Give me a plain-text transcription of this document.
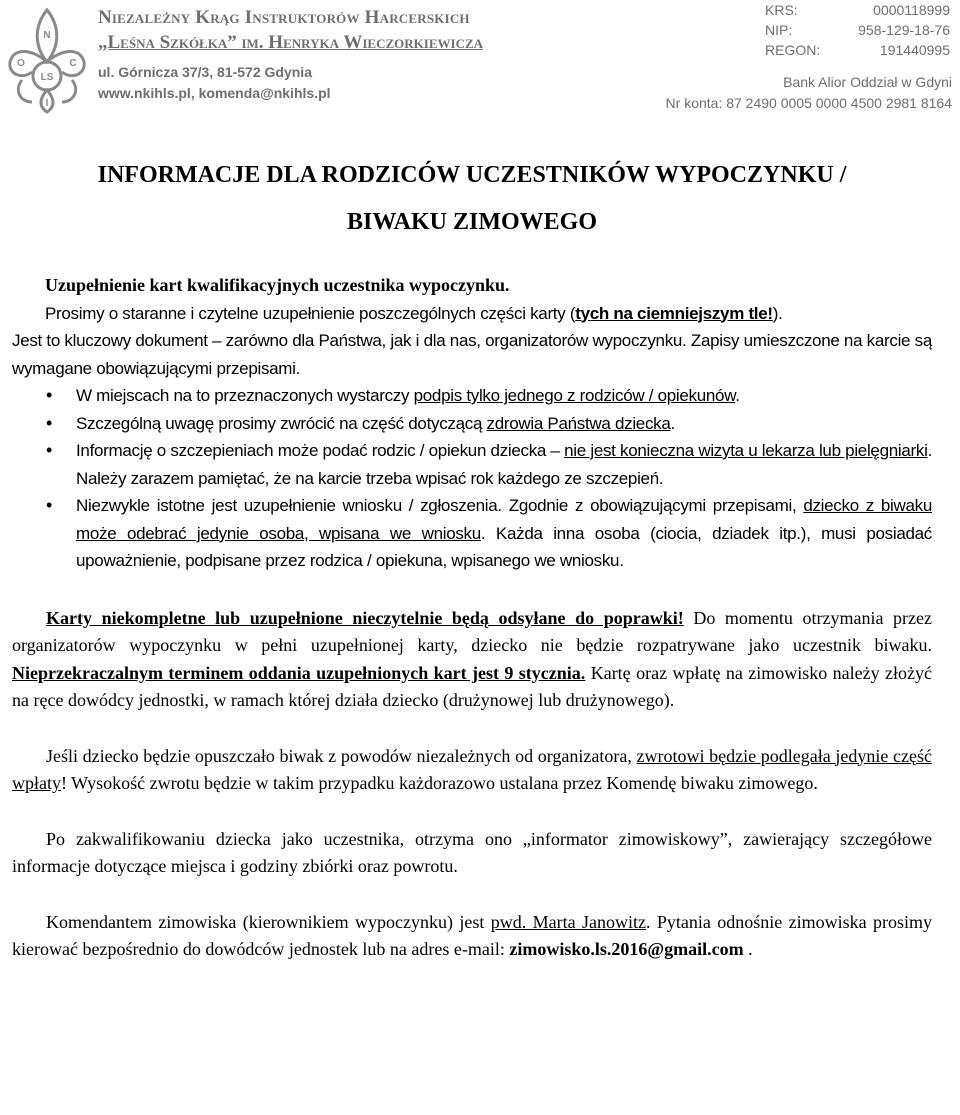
N
O	C
LS
I
Niezależny Krąg Instruktorów Harcerskich
„Leśna Szkółka” im. Henryka Wieczorkiewicza
ul. Górnicza 37/3, 81-572 Gdynia
www.nkihls.pl, komenda@nkihls.pl
KRS:	0000118999
NIP:	958-129-18-76
REGON:	191440995
Bank Alior Oddział w Gdyni
Nr konta: 87 2490 0005 0000 4500 2981 8164
INFORMACJE DLA RODZICÓW UCZESTNIKÓW WYPOCZYNKU /
BIWAKU ZIMOWEGO
Uzupełnienie kart kwalifikacyjnych uczestnika wypoczynku.

Prosimy o staranne i czytelne uzupełnienie poszczególnych części karty (tych na ciemniejszym tle!).

Jest to kluczowy dokument – zarówno dla Państwa, jak i dla nas, organizatorów wypoczynku. Zapisy umieszczone na karcie są wymagane obowiązującymi przepisami.

• W miejscach na to przeznaczonych wystarczy podpis tylko jednego z rodziców / opiekunów.
• Szczególną uwagę prosimy zwrócić na część dotyczącą zdrowia Państwa dziecka.
• Informację o szczepieniach może podać rodzic / opiekun dziecka – nie jest konieczna wizyta u lekarza lub pielęgniarki. Należy zarazem pamiętać, że na karcie trzeba wpisać rok każdego ze szczepień.
• Niezwykle istotne jest uzupełnienie wniosku / zgłoszenia. Zgodnie z obowiązującymi przepisami, dziecko z biwaku może odebrać jedynie osoba, wpisana we wniosku. Każda inna osoba (ciocia, dziadek itp.), musi posiadać upoważnienie, podpisane przez rodzica / opiekuna, wpisanego we wniosku.

Karty niekompletne lub uzupełnione nieczytelnie będą odsyłane do poprawki! Do momentu otrzymania przez organizatorów wypoczynku w pełni uzupełnionej karty, dziecko nie będzie rozpatrywane jako uczestnik biwaku. Nieprzekraczalnym terminem oddania uzupełnionych kart jest 9 stycznia. Kartę oraz wpłatę na zimowisko należy złożyć na ręce dowódcy jednostki, w ramach której działa dziecko (drużynowej lub drużynowego).

Jeśli dziecko będzie opuszczało biwak z powodów niezależnych od organizatora, zwrotowi będzie podlegała jedynie część wpłaty! Wysokość zwrotu będzie w takim przypadku każdorazowo ustalana przez Komendę biwaku zimowego.

Po zakwalifikowaniu dziecka jako uczestnika, otrzyma ono „informator zimowiskowy”, zawierający szczegółowe informacje dotyczące miejsca i godziny zbiórki oraz powrotu.

Komendantem zimowiska (kierownikiem wypoczynku) jest pwd. Marta Janowitz. Pytania odnośnie zimowiska prosimy kierować bezpośrednio do dowódców jednostek lub na adres e-mail: zimowisko.ls.2016@gmail.com .
